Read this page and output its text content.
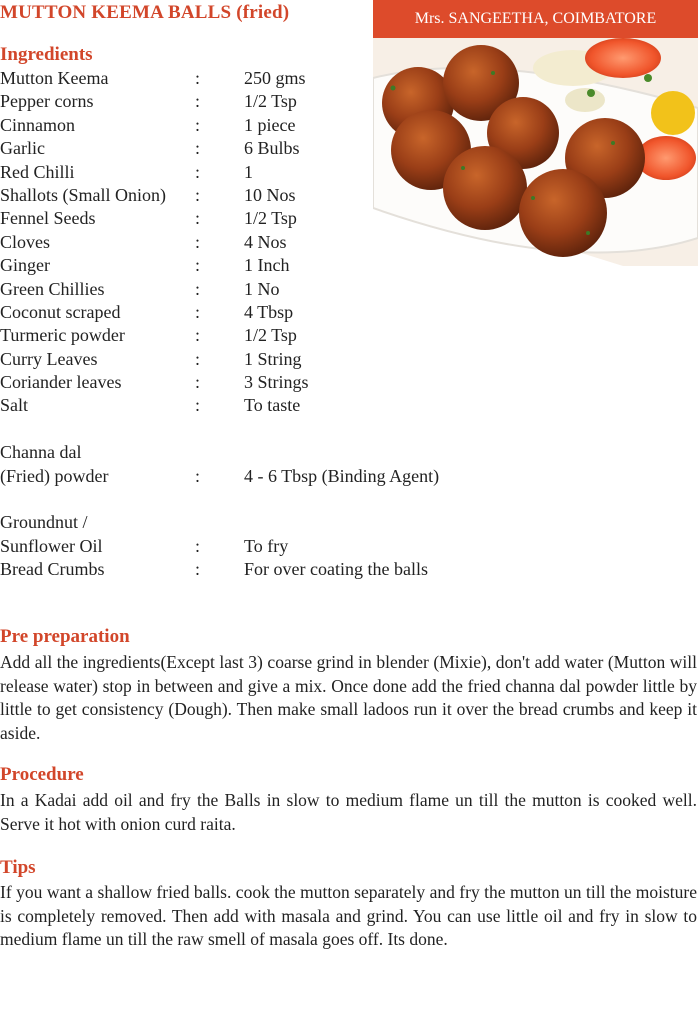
MUTTON KEEMA BALLS (fried)	Mrs. SANGEETHA, COIMBATORE
Ingredients
Mutton Keema	: 250 gms
Pepper corns	: 1/2 Tsp
Cinnamon	: 1 piece
Garlic	: 6 Bulbs
Red Chilli	: 1
Shallots (Small Onion) : 10 Nos
Fennel Seeds	: 1/2 Tsp
Cloves	: 4 Nos
Ginger	: 1 Inch
Green Chillies	: 1 No
Coconut scraped	: 4 Tbsp
Turmeric powder	: 1/2 Tsp
Curry Leaves	: 1 String
Coriander leaves	: 3 Strings
Salt	: To taste
Channa dal
(Fried) powder	: 4 - 6 Tbsp (Binding Agent)
Groundnut /
Sunflower Oil	: To fry
Bread Crumbs	: For over coating the balls
Pre preparation

Add all the ingredients(Except last 3) coarse grind in blender (Mixie), don't add water (Mutton will release water) stop in between and give a mix. Once done add the fried channa dal powder little by little to get consistency (Dough). Then make small ladoos run it over the bread crumbs and keep it aside.

Procedure

In a Kadai add oil and fry the Balls in slow to medium flame un till the mutton is cooked well. Serve it hot with onion curd raita.

Tips

If you want a shallow fried balls. cook the mutton separately and fry the mutton un till the moisture is completely removed. Then add with masala and grind. You can use little oil and fry in slow to medium flame un till the raw smell of masala goes off. Its done.
